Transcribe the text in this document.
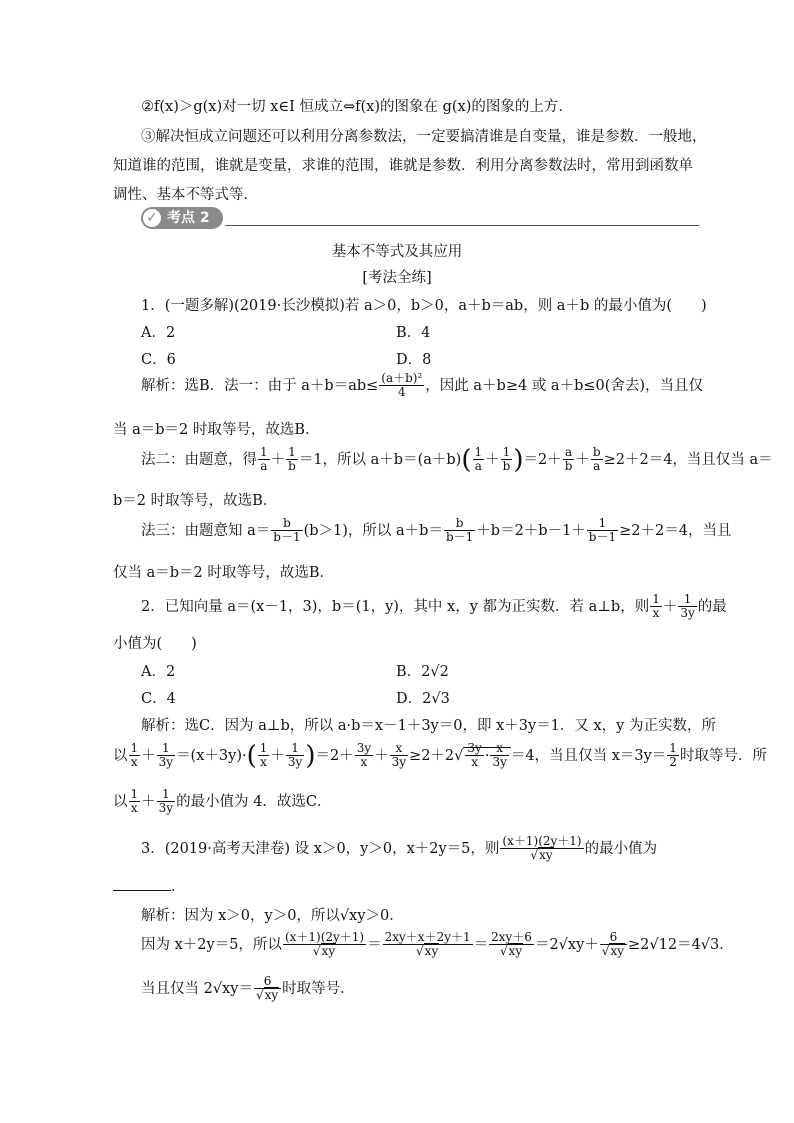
②f(x)＞g(x)对一切 x∈I 恒成立⇔f(x)的图象在 g(x)的图象的上方．
③解决恒成立问题还可以利用分离参数法，一定要搞清谁是自变量，谁是参数．一般地，
知道谁的范围，谁就是变量，求谁的范围，谁就是参数．利用分离参数法时，常用到函数单
调性、基本不等式等．
✓ 考点 2
基本不等式及其应用
[考法全练]
1．(一题多解)(2019·长沙模拟)若 a＞0，b＞0，a＋b＝ab，则 a＋b 的最小值为(　　)
A．2	B．4
C．6	D．8
解析：选B．法一：由于 $a+b=ab\le \frac{\text{(a＋b)²}}{4}$ ，因此 a＋b≥4 或 a＋b≤0(舍去)，当且仅
当 a＝b＝2 时取等号，故选B．
法二：由题意，得 $\frac{1}{a} + \frac{1}{b} =1$，所以 $a+b=(a+b)( \frac{1}{a} + \frac{1}{b} )=2+ \frac{a}{b} + \frac{b}{a} \ge 2+2=4$，当且仅当 a＝
b＝2 时取等号，故选B．
法三：由题意知 $a= \frac{b}{b-1} (b>1)$，所以 $a+b= \frac{b}{b-1} +b=2+b-1+ \frac{1}{b-1} \ge 2+2=4$，当且
仅当 a＝b＝2 时取等号，故选B．
2．已知向量 a＝(x－1，3)，b＝(1，y)，其中 x，y 都为正实数．若 a⊥b，则 $\frac{1}{x} + \frac{1}{3y}$ 的最
小值为(　　)
A．2	B．2√2
C．4	D．2√3
解析：选C．因为 a⊥b，所以 a·b＝x－1＋3y＝0，即 x＋3y＝1．又 x，y 为正实数，所
以 $\frac{1}{x} + \frac{1}{3y} =(x+3y)\cdot( \frac{1}{x} + \frac{1}{3y} )=2+ \frac{3y}{x} + \frac{x}{3y} \ge 2+2√ \frac{3y}{x} \cdot \frac{x}{3y} =4$，当且仅当 $x=3y= \frac{1}{2}$ 时取等号．所
以 $\frac{1}{x} + \frac{1}{3y}$ 的最小值为 4．故选C．
3．(2019·高考天津卷) 设 x＞0，y＞0，x＋2y＝5，则 $\frac{(x+1)(2y+1)}{√xy}$ 的最小值为
．
解析：因为 x＞0，y＞0，所以√xy＞0．
因为 x＋2y＝5，所以 $\frac{(x+1)(2y+1)}{√xy} = \frac{2xy+x+2y+1}{√xy} = \frac{2xy+6}{√xy} =2√xy+ \frac{6}{√xy} \ge 2√12=4√3$．
当且仅当 $2√xy= \frac{6}{√xy}$ 时取等号．
